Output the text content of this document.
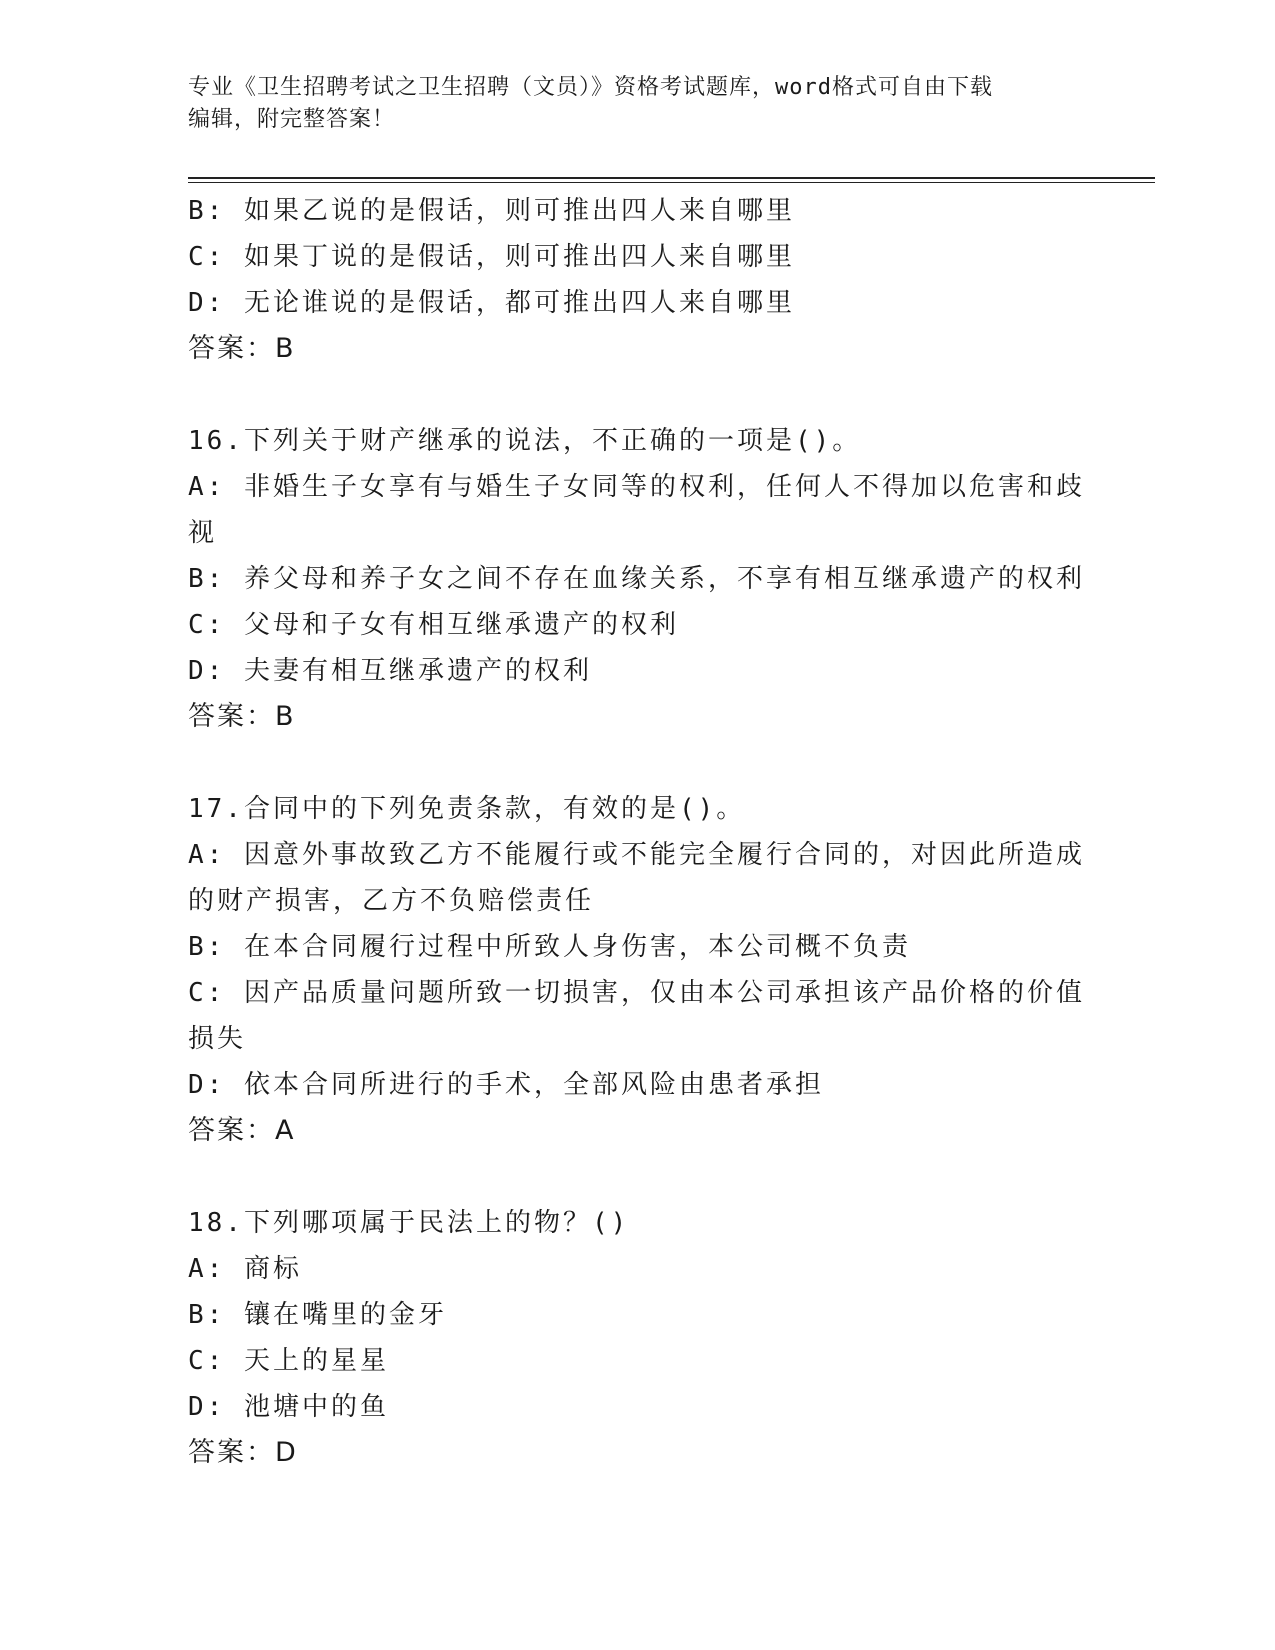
专业《卫生招聘考试之卫生招聘（文员）》资格考试题库，word格式可自由下载
编辑，附完整答案！

B: 如果乙说的是假话，则可推出四人来自哪里

C: 如果丁说的是假话，则可推出四人来自哪里

D: 无论谁说的是假话，都可推出四人来自哪里

答案：B

16.下列关于财产继承的说法，不正确的一项是()。

A: 非婚生子女享有与婚生子女同等的权利，任何人不得加以危害和歧

视

B: 养父母和养子女之间不存在血缘关系，不享有相互继承遗产的权利

C: 父母和子女有相互继承遗产的权利

D: 夫妻有相互继承遗产的权利

答案：B

17.合同中的下列免责条款，有效的是()。

A: 因意外事故致乙方不能履行或不能完全履行合同的，对因此所造成

的财产损害，乙方不负赔偿责任

B: 在本合同履行过程中所致人身伤害，本公司概不负责

C: 因产品质量问题所致一切损害，仅由本公司承担该产品价格的价值

损失

D: 依本合同所进行的手术，全部风险由患者承担

答案：A

18.下列哪项属于民法上的物？()

A: 商标

B: 镶在嘴里的金牙

C: 天上的星星

D: 池塘中的鱼

答案：D
